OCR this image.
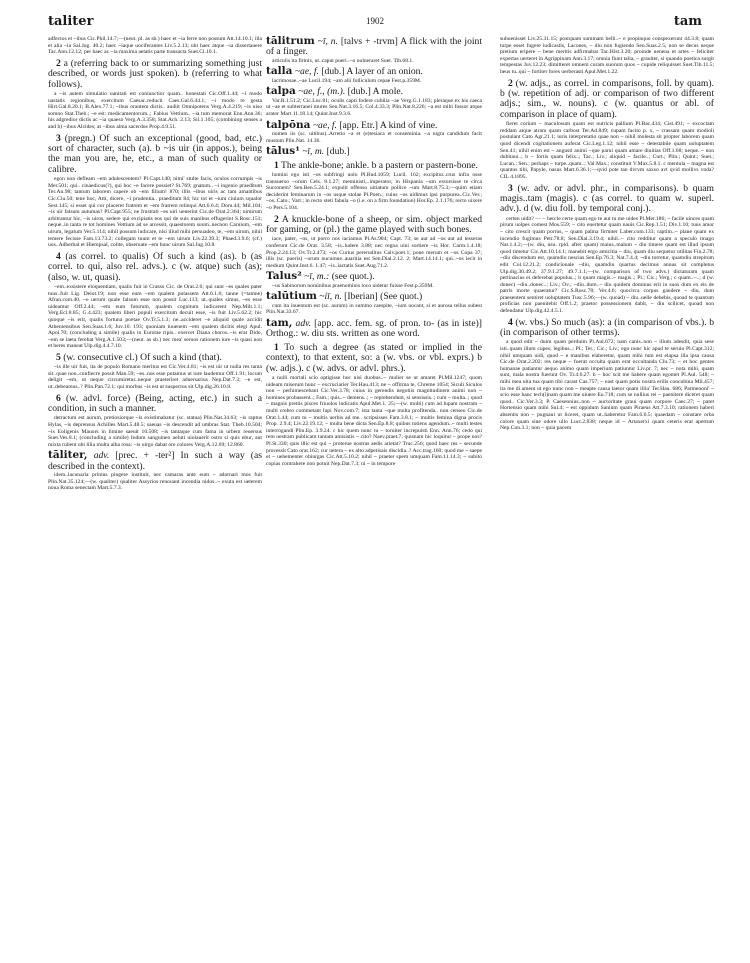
taliter	1902	tam

adfectos et ~ibus Cic.Phil.14.7;—(neut. pl. as sb.) haec et ~ia ferre non possum Att.14.10.1; illa et alia ~ia Sal.Jug. 40.2; haec ~iaque uociferantes Liv.5.2.13; ubi haec atque ~ia dissertauere Tac.Ann.12.12; per haec ac ~ia maxima aetatis parte transacta Suet.Cl.10.1.

2 a (referring back to or summarizing something just described, or words just spoken). b (referring to what follows).

a ~is autem simulatio uanitati est coniunctior quam.. honestati Cic.Off.1.44; ~i modo uastatis regionibus, exercitum Caesar..reducit Caes.Gal.6.44.1; ~i modo re gesta Hirt.Gal.8.20.1; B.Alex.77.1; ~ibus orantem dictis.. audiit Omnipotens Verg.A.4.219; ~is uiso somno Stat.Theb.; ~e est: medicamentorum..; Fabius Vettium.. ~ia tum memorat Enn.Ann.36; his adgredior dictis ac ~ia quaeso Verg.A.3.358; Stat.Ach. 2.13; Sil.1.105; (combining senses a and b) ~ibus Alcides; at ~ibus alma sacerdos Prop.4.9.51.

3 (pregn.) Of such an exceptional (good, bad, etc.) sort of character, such (a). b ~is uir (in appos.), being the man you are, he, etc., a man of such quality or calibre.

egon non defleam ~em adulescentem? Pl.Capt.140; nimi' stulte facis, oculos corrumpis ~is Mer.501; qui.. cinaedicus(?), qui hoc ~e facere possiet? St.769; gnatum.. ~i ingenio praeditum Ter.An.98; tantum laborem capere ob ~em filium! 870; illis ~ibus uiris ac tam amantibus Cic.Clu.50; tene hoc, Atti, dicere, ~i prudentia.. praeditum 84; hic tot et ~ium ciuium squalor Sest.145; si esset qui cur placeret fratrem et ~em fratrem relinqui Att.6.6.4; Dom.44; Mil.104; ~is uir falsum autumas? Pl.Capt.955; ne frustrati ~es uiri uenerint Cic.de Orat.2.364; nimirum arbitrantur hic, ~is uiros, sedere qui excipiatis eos qui de suis manibus effugerint S.Rosc.151; neque..in tanta re tot homines Vettium ad se arcessit, quaestorem suum..necnon Caruium, ~em uirum, legatum Ver.5.114; nihil possum iudicare, nisi illud mihi persuadeo, te, ~em uirum, nihil temere fecisse Fam.13.73.2; collegam tuum et te ~em uirum Liv.22.39.3; Phaed.3.9.6; (cf.) uos..Adherbal et Hiempsal, colite, obseruate ~em hunc uirum Sal.Jug.10.8.

4 (as correl. to qualis) Of such a kind (as). b (as correl. to qui, also rel. advs.). c (w. atque) such (as); (also, w. ut, quasi).

~em..exsistere eloquentiam, qualis fuit in Crasso Cic. de Orat.2.6; qui sunt ~es quales pater tuus..fuit Lig. Deiot.19; non esse eum ~em qualem putassem Att.6.1.6; tanne (=tamne) Afran.com.40, ~e uerum quale falsum esse non possit Luc.113; ut..quales simus, ~es esse uideamur Off.2.44; ~em eum futurum, qualem cognitum iudicarent Nep.Milt.1.1; Verg.Ecl.8.85; G.4.423; qualem liberi populi exercitum decuit esse, ~is fuit Liv.5.62.2; hic quoque ~is erit, qualis fortuna poetae Ov.Tr.5.1.3; ne..accideret ~e aliquid quale accidit Atheniensibus Sen.Suas.1.6; Juv.10. 193; quoniam iuuenem ~em qualem dicitis elegi Apul. Apol.70; (concluding a simile) qualis in Eurotae ripis.. exercet Diana choros..~is erat Dido, ~em se laeta ferebat Verg.A.1.503;—(neut. as sb.) nec mea' seruos rationem iure ~is quasi non et heres maneat Ulp.dig.4.4.7.10.

5 (w. consecutive cl.) Of such a kind (that).

~is ille uir fuit, ita de populo Romano meritus est Cic.Ver.4.81; ~is est uir ut nulla res tanta sit..quae non..confiecre possit Man.59; ~es..nos esse putamus ut iure laudemur Off.1.91; locum deligit ~em, ut neque circumiretur..neque praeteriret aduersarius Nep.Dat.7.3; ~e est, ut..debeamus..? Plin.Pan.72.1; qui morbus ~is est ut suspectus sit Ulp.dig.26.10.8.

6 (w. advl. force) (Being, acting, etc.) in such a condition, in such a manner.

detractum est aurum, pretiosiorque ~is existimabatur (sc. statua) Plin.Nat.34.63; ~is raptus Hylas, ~is deprensus Achilles Mart.5.48.5; saeuas ~is descendit ad umbras Stat. Theb.10.504; ~is Eoligenis Mauors in limine saeuit 10.508; ~is tantaque cum fama in urbem reuersus Suet.Ves.8.1; (concluding a simile) Indum sanguineo ueluti uiolauerit ostro si quis ebur, aut mixta rubent ubi lilia multa alba rosa: ~is uirgo dabat ore colores Verg.A.12.69; 12.860.

tāliter, adv. [prec. + -ter²] In such a way (as described in the context).

idem..lacunaria primus pingere instituit, nec camaras ante eum ~ adornari mos fuit Plin.Nat.35.124;—(w. qualiter) qualiter Assyrios renouant incendia nidos..~ exuta est ueterem noua Roma senectam Mart.5.7.3.

tālitrum ~ī, n. [talvs + -trvm] A flick with the joint of a finger.

articulis ita firmis, ut..caput pueri..~o uulneraret Suet. Tib.68.1.

talla ~ae, f. [dub.] A layer of an onion.

lacrimosae..~ae Lucil.194; ~am alii folliculum cepae Fest.p.359M.

talpa ~ae, f., (m.). [dub.] A mole.

Var.R.1.51.2; Cic.Luc.81; oculis capti fodere cubilia ~ae Verg.G.1.183; pleraque ex his caeca ut ~ae et subterranei mures Sen.Nat.3.16.5; Col.4.33.3; Plin.Nat.8.226; ~a est mihi fossor atque arator Mart.11.18.14; Quint.Inst.9.3.6.

talpōna ~ae, f. [app. Etr.] A kind of vine.

nomen iis (sc. uitibus)..Arretio ~a et (e)tesiaca et conseminia. ~a nigra candidum facit mustum Plin.Nat. 14.36.

tālus¹ ~ī, m. [dub.]

1 The ankle-bone; ankle. b a pastern or pastern-bone.

homini ego isti ~os subfringi uolo Pl.Rud.1059; Lucil. 162; excipitur..crus infra osse transuerso ~orum Cels. 8.1.27; meministi,..imperator, in Hispania ~um extorsisse te circa Sucronem? Sen.Ben.5.24.1; expulit offenso uitiatum pollice ~um Mart.8.75.3;—quim etiam deciderint feminarum in ~os usque stolae Pl.Poen.; cuius ~os uidimus ipsi purpurea..Cic.Ver.; ~os..Cato.; Varr.; in recto steti fabula ~o (i.e. on a firm foundation) Hor.Ep. 2.1.176; recto uixere ~o Pers.5.104.

2 A knuckle-bone of a sheep, or sim. object marked for gaming, or (pl.) the game played with such bones.

iace, pater, ~os, ut porro nos iaciamus Pl.As.904; Capt. 73; se aut ad ~os aut ad tesseras conferunt Cic.de Orat. 3.58; ~is..ludere 3.88; nec regna uini sortiere ~is Hor. Carm.1.4.18; Prop.2.24.13; Ov.Tr.2.473; ~os Curius pereruditus Calv.poet.1; pone merum et ~os Copa 37; illis (sc. pueris) ~orum nucumue..auaritia est Sen.Dial.2.12. 2; Mart.14.14.1; qui..~os iecit in medium Quint.Inst.6. 1.47; ~is..iactatis Suet.Aug.71.2.

Talus² ~ī, m.: (see quot.).

~us Sabinorum nominibus praenominis loco uidetur fuisse Fest.p.359M.

talūtium ~iī, n. [Iberian] (See quot.)

cum ita inuentum est (sc. aurum) in summo caespite, ~ium uocant, si et aurosa tellus subest Plin.Nat.33.67.

tam, adv. [app. acc. fem. sg. of pron. to- (as in iste)] Orthog.: w. diu sts. written as one word.

1 To such a degree (as stated or implied in the context), to that extent, so: a (w. vbs. or vbl. exprs.) b (w. adjs.). c (w. advs. or advl. phrs.).

a nulli mortali scio optigisse hoc nisi duobus..~ mulier se ut amaret Pl.Mil.1247; quom uideam miserum hunc ~ excruciarier Ter.Hau.413; ne ~ offirma te, Chreme 1054; Siculi Siculos non ~ perhimescebant Cic.Ver.3.78; cuius in gerendis negotiis magnitudinem animi non ~ homines probassent..; Fam.; quis..~ demens..; ~ reprehendunt, si sensissis..; cum ~ multa..; quod ~ magnis pretiis pisces friuolos indicatis Apul.Met.1. 25;—(w. multi) cum ad lupam nostram ~ multi crebro commetant lupi Nov.com.7; ista tanta ~que multa profitenda.. non censeo Cic.de Orat.1.44; cum tu ~ multis uerbis ad me.. scripsisses Fam.3.8.1; ~ multis femina digna procis Prop. 2.9.4; Liv.22.19.12; ~ multa bene dicta Sen.Ep.8.8; quibus totiens agendum..~ multi testes interrogandi Plin.Ep. 3.9.24. c hic quem nunc tu ~ toruiter increpuisti Enn. Ann.76; cedo qui rem uestram publicam tantam amisistis ~ cito? Naev.praet.7; quisnam hic loquitur ~ prope nos? Pl.St.330; quis illic est qui ~ proterue nostras aedis arietat? Truc.256; quod haec res ~ secunde processit Cato orat.162; cur uetera ~ ex alto adpetisais discidia..? Acc.trag.160; quod me ~ saepe et ~ uehementer obiurgas Cic.Att.5.10.2; nihil ~ praeter spem umquam Fam.11.14.3; ~ subito copias contrahere non potuit Nep.Dat.7.3; ni ~ in tempore

subuenisset Liv.25.31.15; postquam summam belli..~ e propinquo conspexerunt 44.3.8; quam turpe esset fugere iudicastis, Lacones, ~ diu non fugiendo Sen.Suas.2.5; non se decus neque pretium eripere ~ bene meritis adfirmabat Tac.Hist.3.20; proinde uenena et artes ~ feliciter expertas uerteret in Agrippinam Ann.3.17; omnia fiunt talia, ~ grauiter, si quando poetica surgit tempestas Juv.12.23; dimitteret omnem curam suorum quos ~ cupide reliquisset Suet.Tib.11.5; heus tu..qui ~ fortiter fores uerberasti Apul.Met.1.22.

2 (w. adjs., as correl. in comparisons, foll. by quam). b (w. repetition of adj. or comparison of two different adjs.; sim., w. nouns). c (w. quantus or abl. of comparison in place of quam).

fieret corium ~ maculosum quam est nutricis pallium Pl.Bac.434; Cist.491; ~ excoctam reddam atque atram quam carbost Ter.Ad.849; cupam facito p. x, ~ crassam quam modioli postulant Cato Agr.21.1; iuris interpretatio quae non ~ nihil molesta sit propter laborem quam quod dicendi cogitationem auferat Cic.Leg.1.12; nihil esse ~ detestabile quam uoluptatem Sen.41; nihil enim est ~ angusti animi ~que parui quam amare diuitias Off.1.68; neque..~ non dubitaui..; b ~ fortis quam felix..; Tac.; Liv.; aliquid ~ facile..; Curt.; Plin.; Quint.; Suet.; Lucan.; Sen.; perhaps ~ turpe..quam..; Val.Max.; constituit V.Max.5.8.1. c mentula ~ magna est quantus tibi, Papyle, nasus Mart.6.36.1;—qvid pote tan dvrvm saxso avt qvid mollivs vnda? CIL 4.1895.

3 (w. adv. or advl. phr., in comparisons). b quam magis..tam (magis). c (as correl. to quam w. superl. adv.). d (w. diu foll. by temporal conj.).

certen uidit? — ~ hercle certe quam ego te aut tu me uides Pl.Mer.186; ~ facile uinces quam pirum uolpes comest Mos.559; ~ cito euertetur quam nauis Cic.Rep.1.51; Div.1.10; tuus amor ~ cito crescit quam porrus, ~ quam palma firmiter Laber.com.133; raptim..~ plane quam ex incendio fugimus Petr.78.8; Sen.Dial.3.19.4; nihil..~ cito redditur quam a speculo imago Nat.1.4.2;—(w. diu, usu. rpld. after quam) maius..malum ~ diu timere quam est illud ipsum quod timetur Cic.Att.10.14.1; manebit ergo amicitia ~ diu, quam diu sequetur utilitas Fin.2.78; ~diu discendum est, quamdiu nescias Sen.Ep.76.3; Nat.7.4.4; ~diu torretur, quamdiu strepitum edit Col.12.21.2; condicionale ~diu, quamdiu quartus decimus annus sit completus Ulp.dig.30.49.2; 37.9.1.27; 49.7.1.1;—(w. comparison of two advs.) dictaturam quam pertinacius ei deferebat populus..; b quam magis..~ magis..; Pl.; Cic.; Verg.; c quam..~..; d (w. donec) ~diu..donec..; Liv.; Ov.; ~diu..dum..~ diu quidem dominus erit in suos dum ex eis de patris morte quaeratur? Cic.S.Rosc.78; Ver.4.6; quocirca corpus gaudere ~ diu, dum praesentem sentiret uoluptatem Tusc.5.96;—(w. quoad) ~ diu..uelle debebis, quoad te quantum proficias non paenitebit Off.1.2; praetor possessionem dabit, ~ diu scilicet, quoad non defendatur Ulp.dig.42.4.5.1.

4 (w. vbs.) So much (as): a (in comparison of vbs.). b (in comparison of other terms).

a quod edit ~ duim quam perduim Pl.Aul.672; nam canis..non ~ illum adesdit, quia sese isti..quam illum cupes; legibus..; Pl.; Ter.; Cic.; Liv.; ego nunc hic apud te seruio Pl.Capt.312; nihil umquam uidi, quod ~ e manibus elaberetur, quam mihi tum est elapsa illa ipsa causa Cic.de Orat.2.202; res neque ~ fuerat occulta quam erat occultanda Clu.73; ~ et hoc gentes humanae patiantur aequo animo quam imperium patiuntur Liv.pr. 7; nec ~ nota mihi, quam sunt, mala nostra fuerunt Ov. Tr.4.6.27. b ~ hoc scit me habere quam egomet Pl.Aul. 548; ~ mihi mea uita tua quam tibi carast Cas.757; ~ east quam potis nostra erilis concubina Mil.457; ita me di ament ut ego nunc non ~ meapte causa laetor quam illiu' Ter.Hau. 686; Parmenoni' ~ scio esse hanc tech(i)nam quam me uiuere Eu.718; cum se nullius rei ~ paenitere diceret quam quod.. Cic.Ver.3.3; P. Caesennius..non ~ auctoritate graui quam corpore Caec.27; ~ patet Hortensio quam mihi Sul.4; ~ est oppidum Sanium quam Piraeus Att.7.3.10; rationem haberi absentis non ~ pugnaui ut liceret, quam ut..haberetur Fam.6.6.5; quaedam ~ constare orba colore quam sine odore ullo Lucr.2.838; neque id ~ Artaxerxi quam ceteris erat apertum Nep.Con.3.1; non ~ quia pacem
